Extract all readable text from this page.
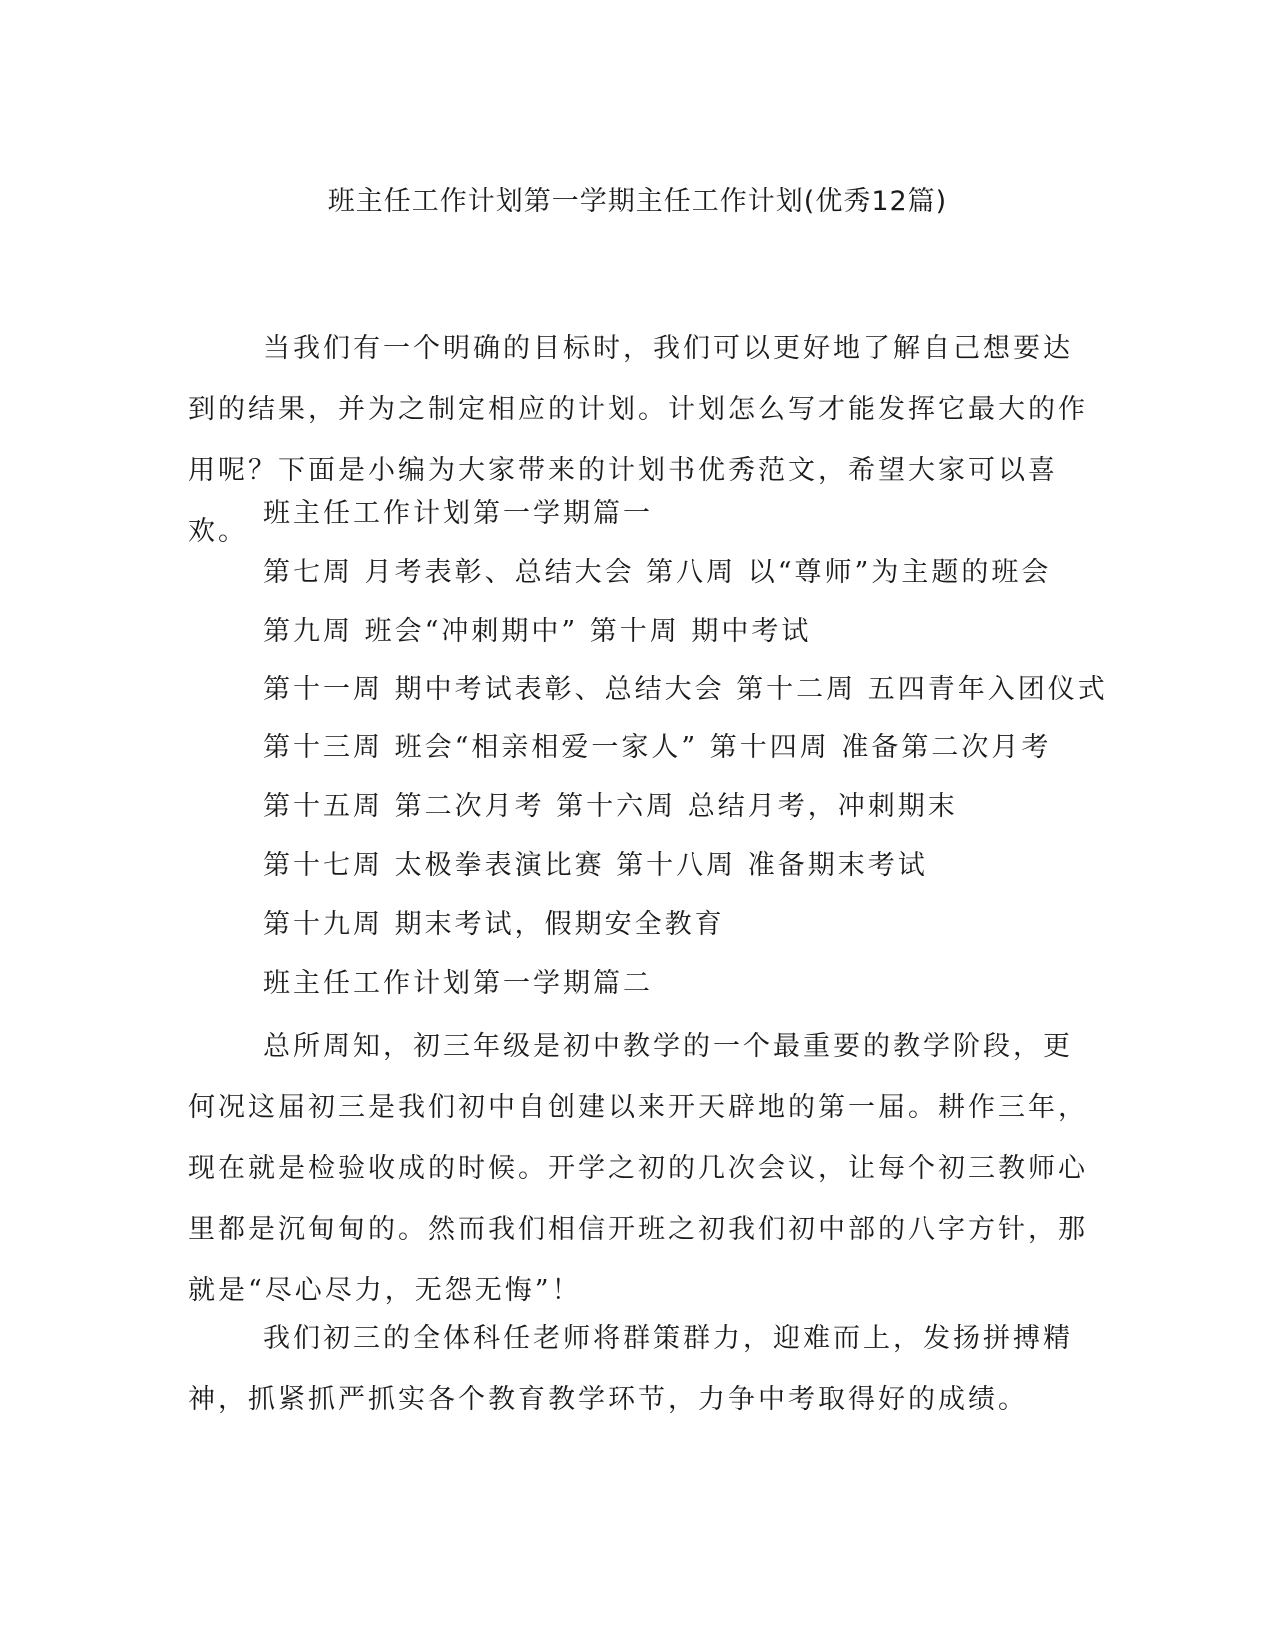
班主任工作计划第一学期主任工作计划(优秀12篇)

当我们有一个明确的目标时，我们可以更好地了解自己想要达到的结果，并为之制定相应的计划。计划怎么写才能发挥它最大的作用呢？下面是小编为大家带来的计划书优秀范文，希望大家可以喜欢。

班主任工作计划第一学期篇一

第七周 月考表彰、总结大会 第八周 以“尊师”为主题的班会

第九周 班会“冲刺期中” 第十周 期中考试

第十一周 期中考试表彰、总结大会 第十二周 五四青年入团仪式

第十三周 班会“相亲相爱一家人” 第十四周 准备第二次月考

第十五周 第二次月考 第十六周 总结月考，冲刺期末

第十七周 太极拳表演比赛 第十八周 准备期末考试

第十九周 期末考试，假期安全教育

班主任工作计划第一学期篇二

总所周知，初三年级是初中教学的一个最重要的教学阶段，更何况这届初三是我们初中自创建以来开天辟地的第一届。耕作三年，现在就是检验收成的时候。开学之初的几次会议，让每个初三教师心里都是沉甸甸的。然而我们相信开班之初我们初中部的八字方针，那就是“尽心尽力，无怨无悔”！

我们初三的全体科任老师将群策群力，迎难而上，发扬拼搏精神，抓紧抓严抓实各个教育教学环节，力争中考取得好的成绩。
